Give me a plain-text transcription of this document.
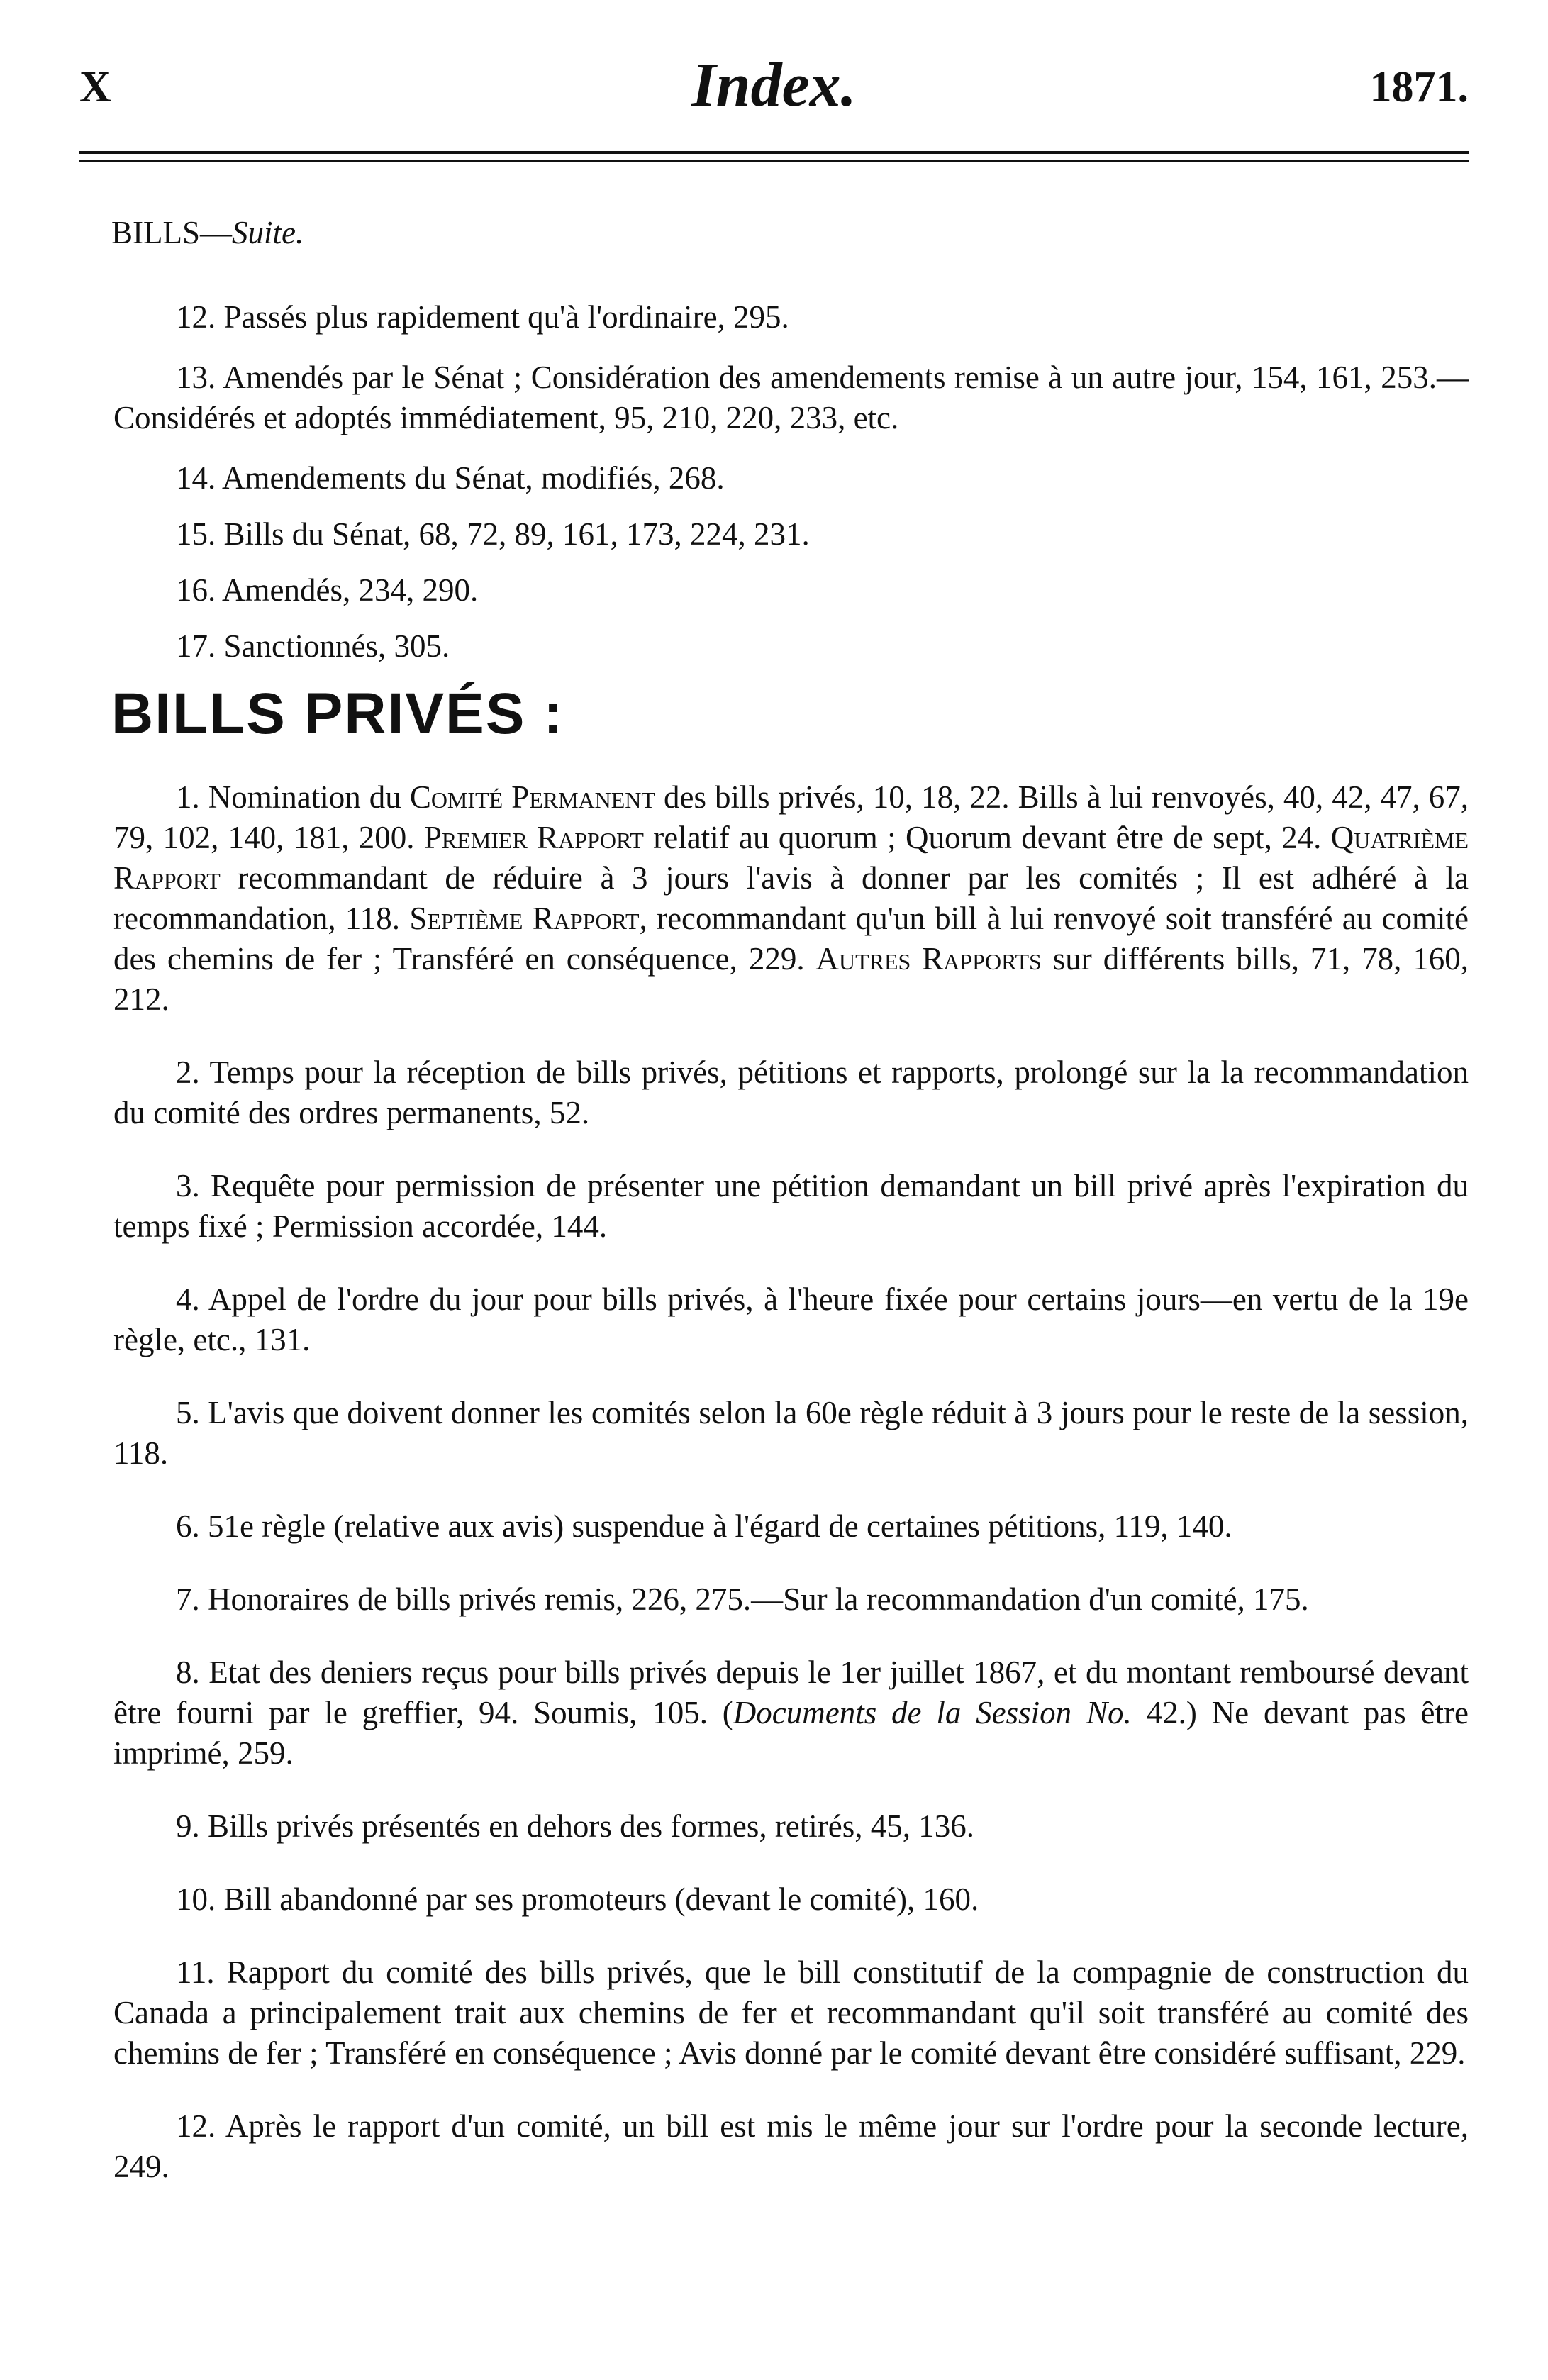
X	Index.	1871.

BILLS—Suite.

12. Passés plus rapidement qu'à l'ordinaire, 295.

13. Amendés par le Sénat ; Considération des amendements remise à un autre jour, 154, 161, 253.—Considérés et adoptés immédiatement, 95, 210, 220, 233, etc.

14. Amendements du Sénat, modifiés, 268.

15. Bills du Sénat, 68, 72, 89, 161, 173, 224, 231.

16. Amendés, 234, 290.

17. Sanctionnés, 305.

BILLS PRIVÉS :

1. Nomination du Comité Permanent des bills privés, 10, 18, 22. Bills à lui renvoyés, 40, 42, 47, 67, 79, 102, 140, 181, 200. Premier Rapport relatif au quorum ; Quorum devant être de sept, 24. Quatrième Rapport recommandant de réduire à 3 jours l'avis à donner par les comités ; Il est adhéré à la recommandation, 118. Septième Rapport, recommandant qu'un bill à lui renvoyé soit transféré au comité des chemins de fer ; Transféré en conséquence, 229. Autres Rapports sur différents bills, 71, 78, 160, 212.

2. Temps pour la réception de bills privés, pétitions et rapports, prolongé sur la la recommandation du comité des ordres permanents, 52.

3. Requête pour permission de présenter une pétition demandant un bill privé après l'expiration du temps fixé ; Permission accordée, 144.

4. Appel de l'ordre du jour pour bills privés, à l'heure fixée pour certains jours—en vertu de la 19e règle, etc., 131.

5. L'avis que doivent donner les comités selon la 60e règle réduit à 3 jours pour le reste de la session, 118.

6. 51e règle (relative aux avis) suspendue à l'égard de certaines pétitions, 119, 140.

7. Honoraires de bills privés remis, 226, 275.—Sur la recommandation d'un comité, 175.

8. Etat des deniers reçus pour bills privés depuis le 1er juillet 1867, et du montant remboursé devant être fourni par le greffier, 94. Soumis, 105. (Documents de la Session No. 42.) Ne devant pas être imprimé, 259.

9. Bills privés présentés en dehors des formes, retirés, 45, 136.

10. Bill abandonné par ses promoteurs (devant le comité), 160.

11. Rapport du comité des bills privés, que le bill constitutif de la compagnie de construction du Canada a principalement trait aux chemins de fer et recommandant qu'il soit transféré au comité des chemins de fer ; Transféré en conséquence ; Avis donné par le comité devant être considéré suffisant, 229.

12. Après le rapport d'un comité, un bill est mis le même jour sur l'ordre pour la seconde lecture, 249.
